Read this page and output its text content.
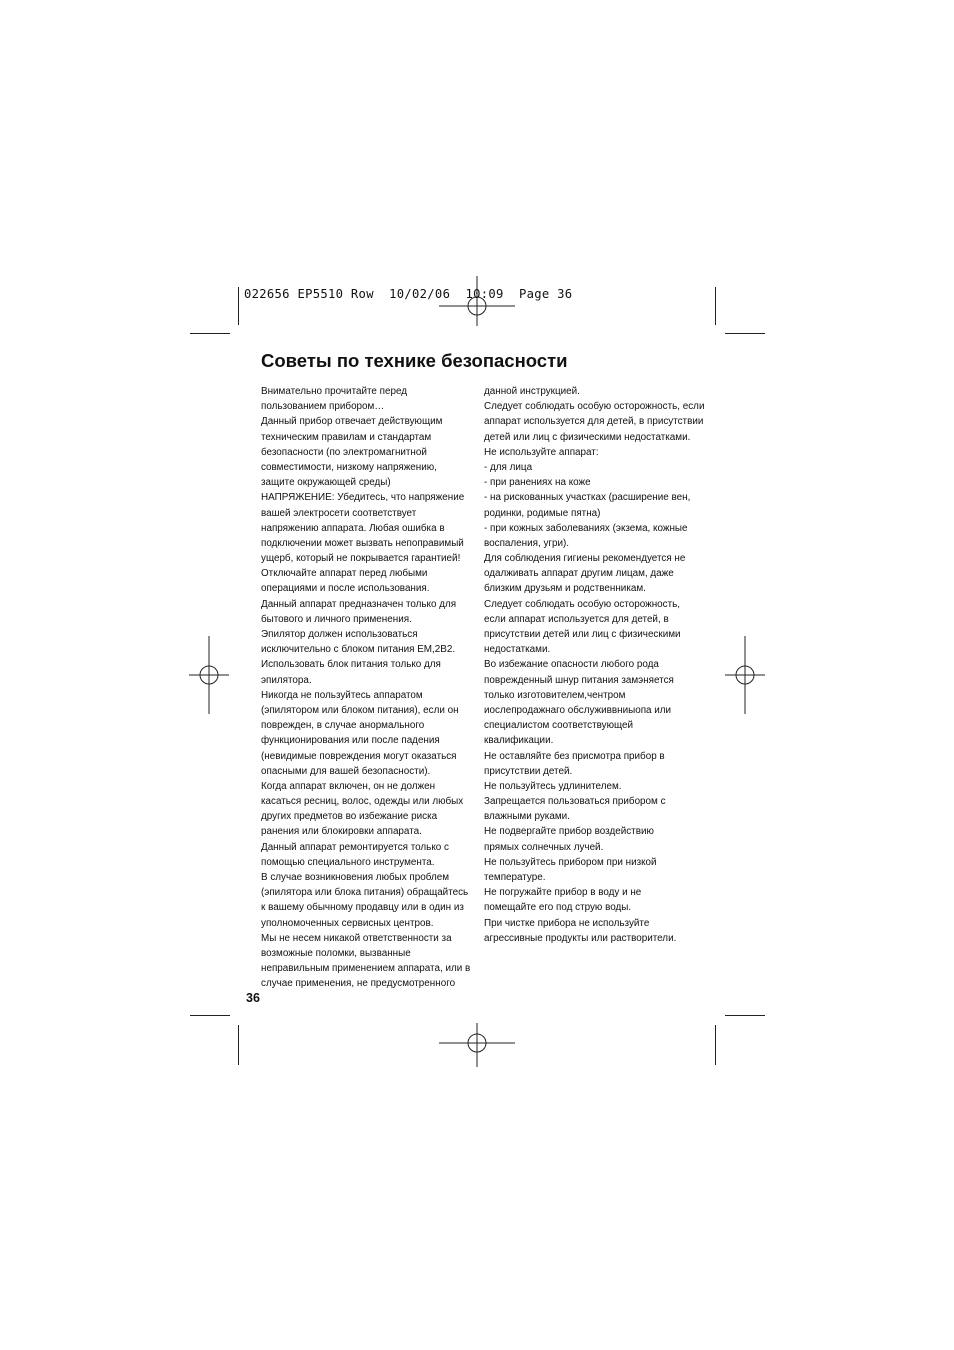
022656 EP5510 Row  10/02/06  10:09  Page 36

Советы по технике безопасности

Внимательно прочитайте перед

пользованием прибором…

Данный прибор отвечает действующим

техническим правилам и стандартам

безопасности (по электромагнитной

совместимости, низкому напряжению,

защите окружающей среды)

НАПРЯЖЕНИЕ: Убедитесь, что напряжение

вашей электросети соответствует

напряжению аппарата. Любая ошибка в

подключении может вызвать непоправимый

ущерб, который не покрывается гарантией!

Отключайте аппарат перед любыми

операциями и после использования.

Данный аппарат предназначен только для

бытового и личного применения.

Эпилятор должен использоваться

исключительно с блоком питания EM,2B2.

Использовать блок питания только для

эпилятора.

Никогда не пользуйтесь аппаратом

(эпилятором или блоком питания), если он

поврежден, в случае анормального

функционирования или после падения

(невидимые повреждения могут оказаться

опасными для вашей безопасности).

Когда аппарат включен, он не должен

касаться ресниц, волос, одежды или любых

других предметов во избежание риска

ранения или блокировки аппарата.

Данный аппарат ремонтируется только с

помощью специального инструмента.

В случае возникновения любых проблем

(эпилятора или блока питания) обращайтесь

к вашему обычному продавцу или в один из

уполномоченных сервисных центров.

Мы не несем никакой ответственности за

возможные поломки, вызванные

неправильным применением аппарата, или в

случае применения, не предусмотренного

данной инструкцией.

Следует соблюдать особую осторожность, если

аппарат используется для детей, в присутствии

детей или лиц с физическими недостатками.

Не используйте аппарат:

- для лица

- при ранениях на коже

- на рискованных участках (расширение вен,

родинки, родимые пятна)

- при кожных заболеваниях (экзема, кожные

воспаления, угри).

Для соблюдения гигиены рекомендуется не

одалживать аппарат другим лицам, даже

близким друзьям и родственникам.

Следует соблюдать особую осторожность,

если аппарат используется для детей, в

присутствии детей или лиц с физическими

недостатками.

Во избежание опасности любого рода

поврежденный шнур питания замэняется

только изготовителем,чентром

иослепродажнаго обслуживвниыопа или

специалистом соответствующей

квалификации.

Не оставляйте без присмотра прибор в

присутствии детей.

Не пользуйтесь удлинителем.

Запрещается пользоваться прибором с

влажными руками.

Не подвергайте прибор воздействию

прямых солнечных лучей.

Не пользуйтесь прибором при низкой

температуре.

Не погружайте прибор в воду и не

помещайте его под струю воды.

При чистке прибора не используйте

агрессивные продукты или растворители.

36
